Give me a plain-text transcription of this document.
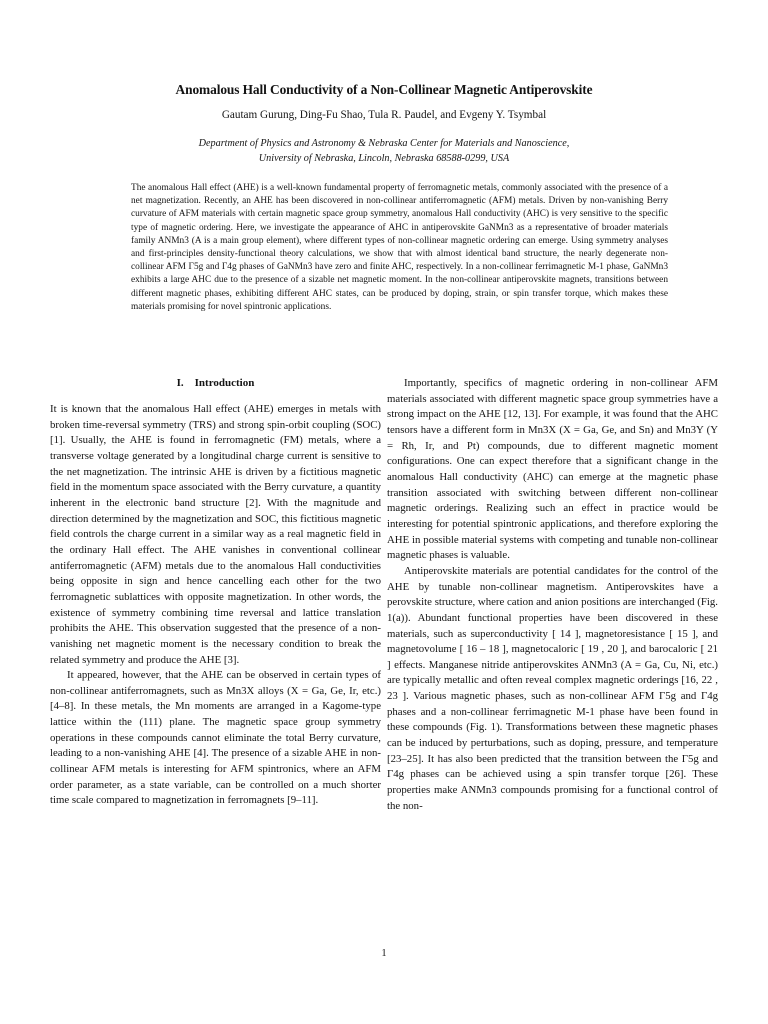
Anomalous Hall Conductivity of a Non-Collinear Magnetic Antiperovskite
Gautam Gurung, Ding-Fu Shao, Tula R. Paudel, and Evgeny Y. Tsymbal
Department of Physics and Astronomy & Nebraska Center for Materials and Nanoscience,
University of Nebraska, Lincoln, Nebraska 68588-0299, USA
The anomalous Hall effect (AHE) is a well-known fundamental property of ferromagnetic metals, commonly associated with the presence of a net magnetization. Recently, an AHE has been discovered in non-collinear antiferromagnetic (AFM) metals. Driven by non-vanishing Berry curvature of AFM materials with certain magnetic space group symmetry, anomalous Hall conductivity (AHC) is very sensitive to the specific type of magnetic ordering. Here, we investigate the appearance of AHC in antiperovskite GaNMn3 as a representative of broader materials family ANMn3 (A is a main group element), where different types of non-collinear magnetic ordering can emerge. Using symmetry analyses and first-principles density-functional theory calculations, we show that with almost identical band structure, the nearly degenerate non-collinear AFM Γ5g and Γ4g phases of GaNMn3 have zero and finite AHC, respectively. In a non-collinear ferrimagnetic M-1 phase, GaNMn3 exhibits a large AHC due to the presence of a sizable net magnetic moment. In the non-collinear antiperovskite magnets, transitions between different magnetic phases, exhibiting different AHC states, can be produced by doping, strain, or spin transfer torque, which makes these materials promising for novel spintronic applications.
I. Introduction

It is known that the anomalous Hall effect (AHE) emerges in metals with broken time-reversal symmetry (TRS) and strong spin-orbit coupling (SOC) [1]. Usually, the AHE is found in ferromagnetic (FM) metals, where a transverse voltage generated by a longitudinal charge current is sensitive to the net magnetization. The intrinsic AHE is driven by a fictitious magnetic field in the momentum space associated with the Berry curvature, a quantity inherent in the electronic band structure [2]. With the magnitude and direction determined by the magnetization and SOC, this fictitious magnetic field controls the charge current in a similar way as a real magnetic field in the ordinary Hall effect. The AHE vanishes in conventional collinear antiferromagnetic (AFM) metals due to the anomalous Hall conductivities being opposite in sign and hence cancelling each other for the two ferromagnetic sublattices with opposite magnetization. In other words, the existence of symmetry combining time reversal and lattice translation prohibits the AHE. This observation suggested that the presence of a non-vanishing net magnetic moment is the necessary condition to break the related symmetry and produce the AHE [3].

It appeared, however, that the AHE can be observed in certain types of non-collinear antiferromagnets, such as Mn3X alloys (X = Ga, Ge, Ir, etc.) [4–8]. In these metals, the Mn moments are arranged in a Kagome-type lattice within the (111) plane. The magnetic space group symmetry operations in these compounds cannot eliminate the total Berry curvature, leading to a non-vanishing AHE [4]. The presence of a sizable AHE in non-collinear AFM metals is interesting for AFM spintronics, where an AFM order parameter, as a state variable, can be controlled on a much shorter time scale compared to magnetization in ferromagnets [9–11].

Importantly, specifics of magnetic ordering in non-collinear AFM materials associated with different magnetic space group symmetries have a strong impact on the AHE [12, 13]. For example, it was found that the AHC tensors have a different form in Mn3X (X = Ga, Ge, and Sn) and Mn3Y (Y = Rh, Ir, and Pt) compounds, due to different magnetic moment configurations. One can expect therefore that a significant change in the anomalous Hall conductivity (AHC) can emerge at the magnetic phase transition associated with switching between different non-collinear magnetic orderings. Realizing such an effect in practice would be interesting for potential spintronic applications, and therefore exploring the AHE in possible material systems with competing and tunable non-collinear magnetic phases is valuable.

Antiperovskite materials are potential candidates for the control of the AHE by tunable non-collinear magnetism. Antiperovskites have a perovskite structure, where cation and anion positions are interchanged (Fig. 1(a)). Abundant functional properties have been discovered in these materials, such as superconductivity [ 14 ], magnetoresistance [ 15 ], and magnetovolume [ 16 – 18 ], magnetocaloric [ 19 , 20 ], and barocaloric [ 21 ] effects. Manganese nitride antiperovskites ANMn3 (A = Ga, Cu, Ni, etc.) are typically metallic and often reveal complex magnetic orderings [16, 22 , 23 ]. Various magnetic phases, such as non-collinear AFM Γ5g and Γ4g phases and a non-collinear ferrimagnetic M-1 phase have been found in these compounds (Fig. 1). Transformations between these magnetic phases can be induced by perturbations, such as doping, pressure, and temperature [23–25]. It has also been predicted that the transition between the Γ5g and Γ4g phases can be achieved using a spin transfer torque [26]. These properties make ANMn3 compounds promising for a functional control of the non-

1
